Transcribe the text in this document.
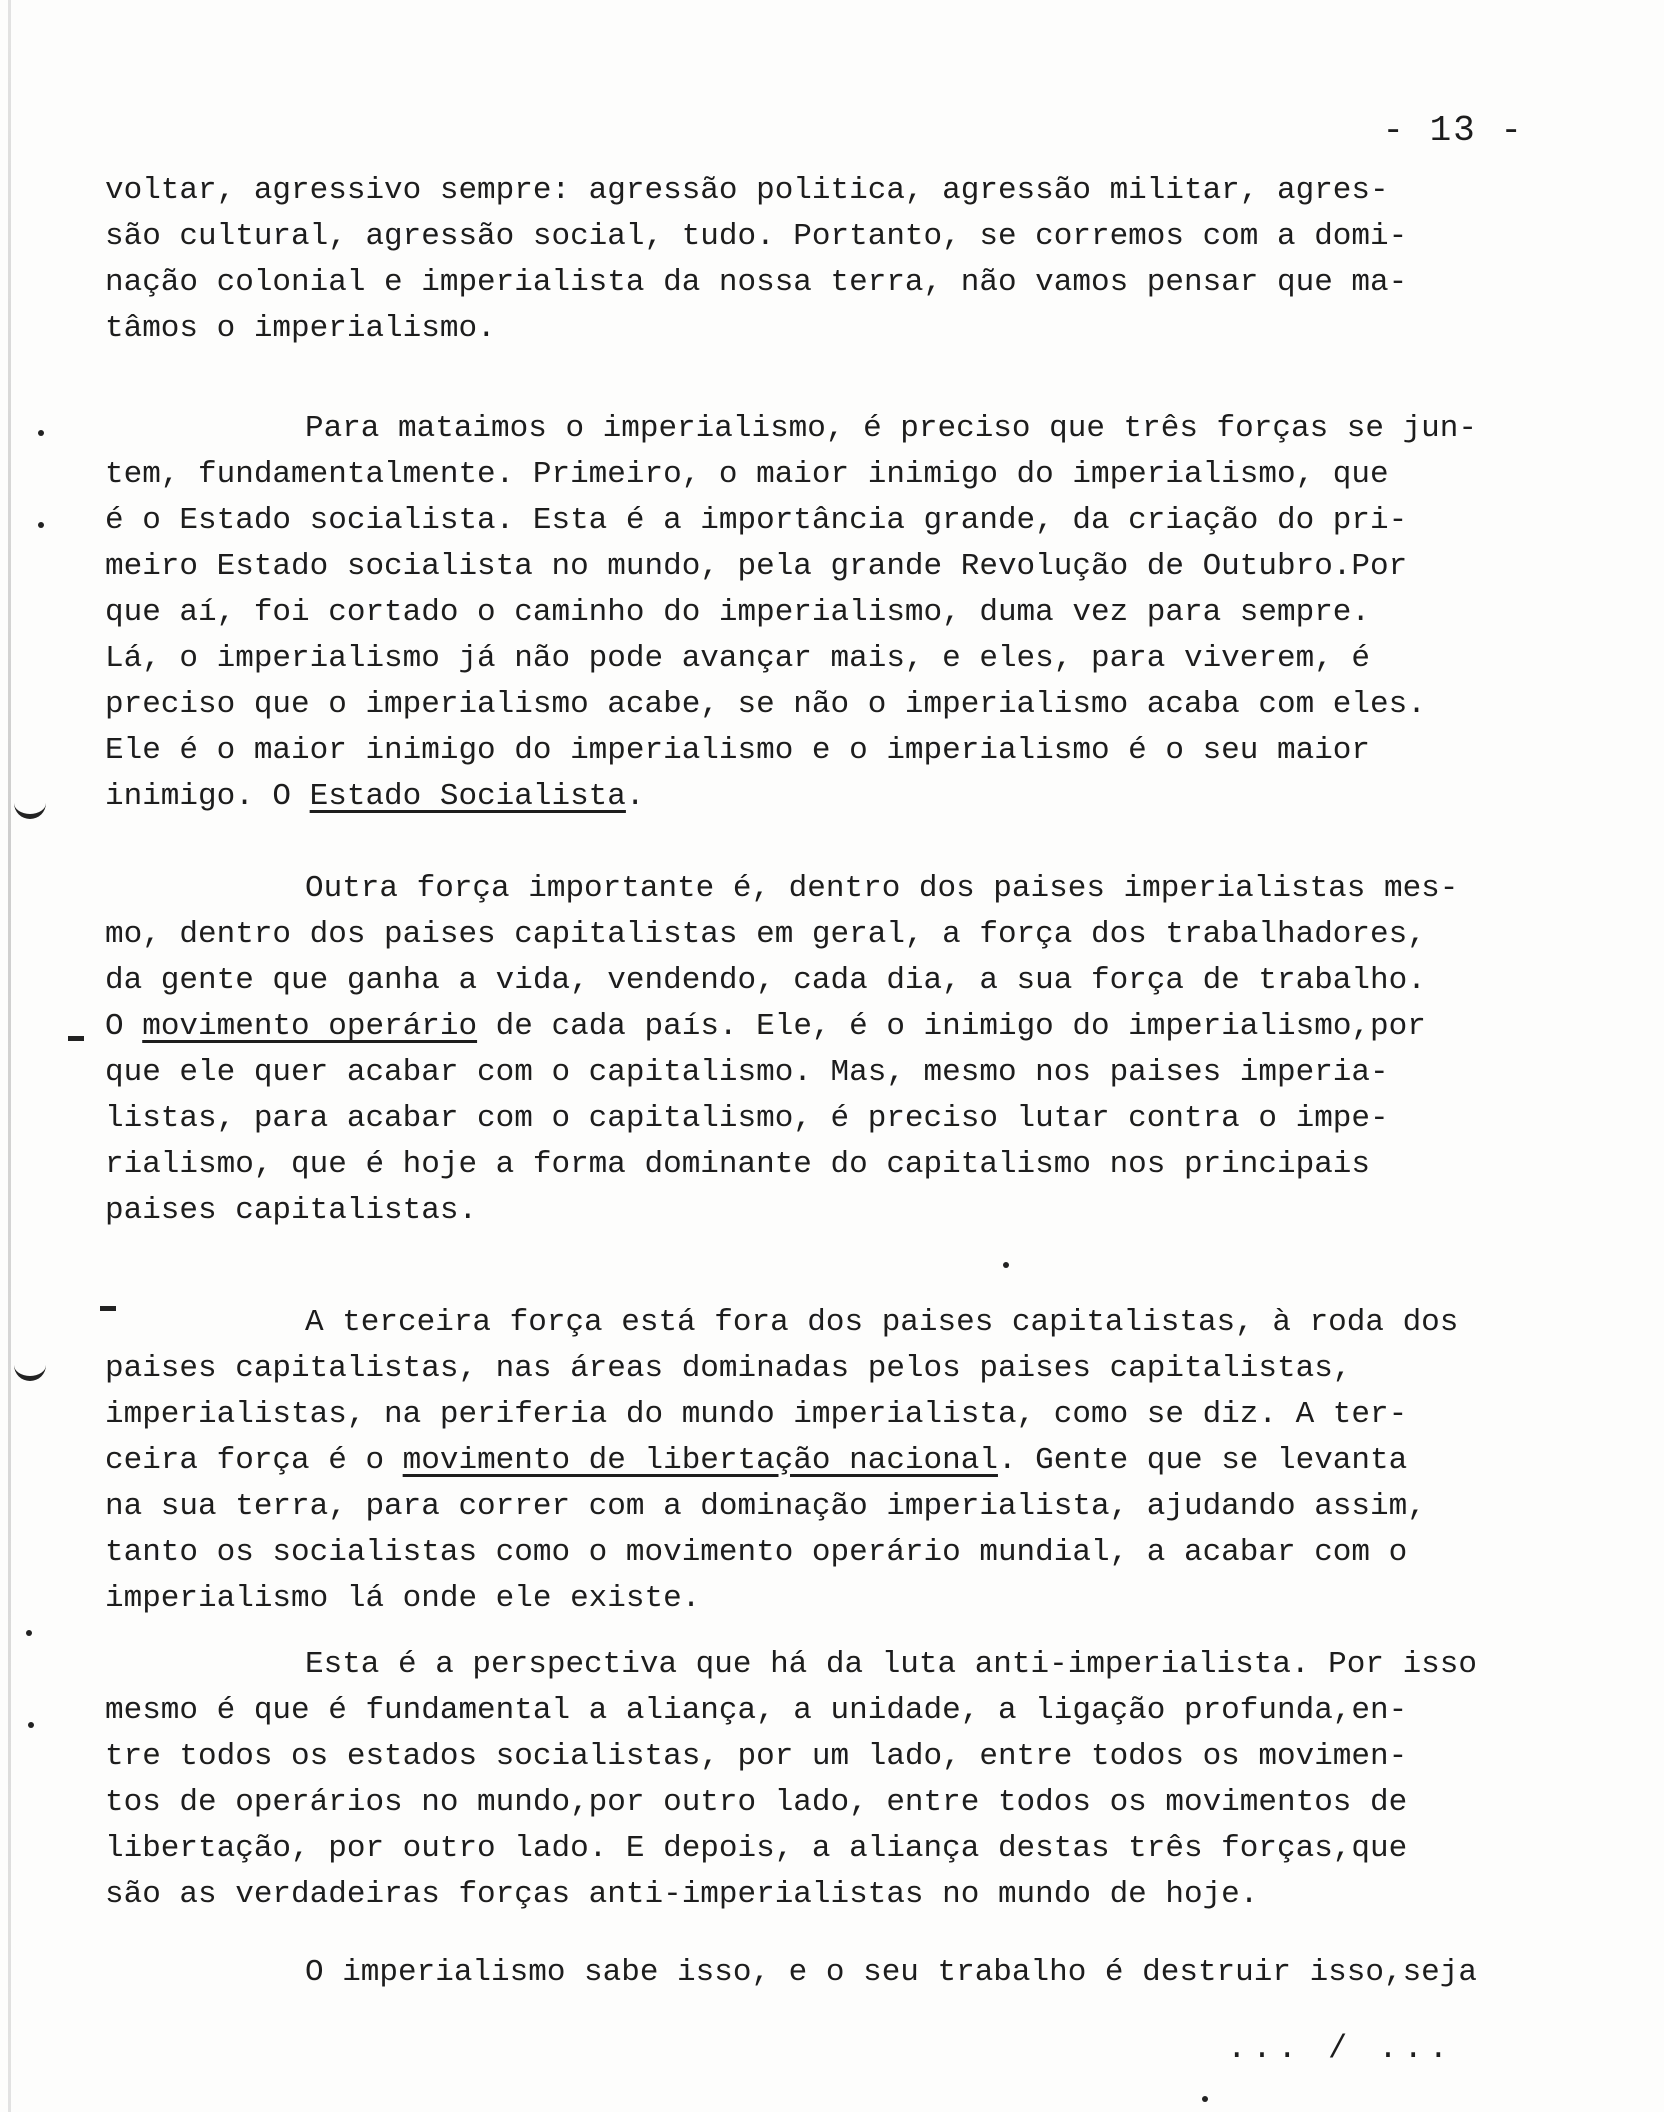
- 13 -
voltar, agressivo sempre: agressão politica, agressão militar, agres-
são cultural, agressão social, tudo. Portanto, se corremos com a domi-
nação colonial e imperialista da nossa terra, não vamos pensar que ma-
tâmos o imperialismo.
Para mataimos o imperialismo, é preciso que três forças se jun-
tem, fundamentalmente. Primeiro, o maior inimigo do imperialismo, que
é o Estado socialista. Esta é a importância grande, da criação do pri-
meiro Estado socialista no mundo, pela grande Revolução de Outubro.Por
que aí, foi cortado o caminho do imperialismo, duma vez para sempre.
Lá, o imperialismo já não pode avançar mais, e eles, para viverem, é
preciso que o imperialismo acabe, se não o imperialismo acaba com eles.
Ele é o maior inimigo do imperialismo e o imperialismo é o seu maior
inimigo. O Estado Socialista.
Outra força importante é, dentro dos paises imperialistas mes-
mo, dentro dos paises capitalistas em geral, a força dos trabalhadores,
da gente que ganha a vida, vendendo, cada dia, a sua força de trabalho.
O movimento operário de cada país. Ele, é o inimigo do imperialismo,por
que ele quer acabar com o capitalismo. Mas, mesmo nos paises imperia-
listas, para acabar com o capitalismo, é preciso lutar contra o impe-
rialismo, que é hoje a forma dominante do capitalismo nos principais
paises capitalistas.
A terceira força está fora dos paises capitalistas, à roda dos
paises capitalistas, nas áreas dominadas pelos paises capitalistas,
imperialistas, na periferia do mundo imperialista, como se diz. A ter-
ceira força é o movimento de libertação nacional. Gente que se levanta
na sua terra, para correr com a dominação imperialista, ajudando assim,
tanto os socialistas como o movimento operário mundial, a acabar com o
imperialismo lá onde ele existe.
Esta é a perspectiva que há da luta anti-imperialista. Por isso
mesmo é que é fundamental a aliança, a unidade, a ligação profunda,en-
tre todos os estados socialistas, por um lado, entre todos os movimen-
tos de operários no mundo,por outro lado, entre todos os movimentos de
libertação, por outro lado. E depois, a aliança destas três forças,que
são as verdadeiras forças anti-imperialistas no mundo de hoje.
O imperialismo sabe isso, e o seu trabalho é destruir isso,seja
... / ...
